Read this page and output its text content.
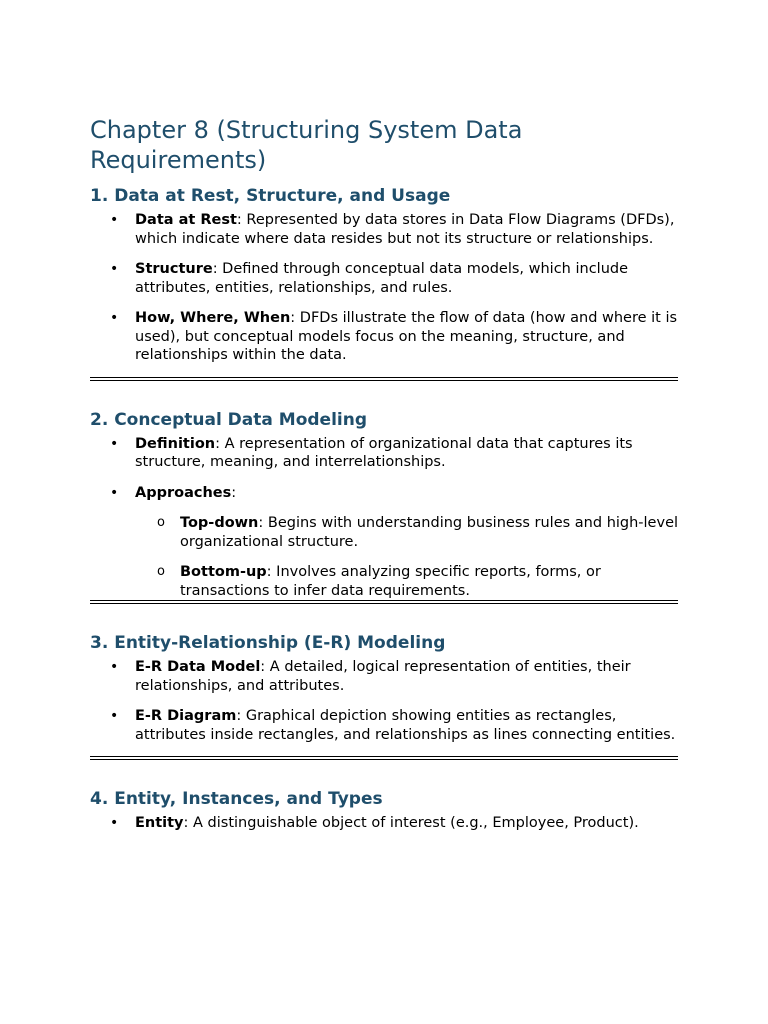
Chapter 8 (Structuring System Data Requirements)
1. Data at Rest, Structure, and Usage
• Data at Rest: Represented by data stores in Data Flow Diagrams (DFDs), which indicate where data resides but not its structure or relationships.
• Structure: Defined through conceptual data models, which include attributes, entities, relationships, and rules.
• How, Where, When: DFDs illustrate the flow of data (how and where it is used), but conceptual models focus on the meaning, structure, and relationships within the data.
2. Conceptual Data Modeling
• Definition: A representation of organizational data that captures its structure, meaning, and interrelationships.
• Approaches:
o Top-down: Begins with understanding business rules and high-level organizational structure.
o Bottom-up: Involves analyzing specific reports, forms, or transactions to infer data requirements.
3. Entity-Relationship (E-R) Modeling
• E-R Data Model: A detailed, logical representation of entities, their relationships, and attributes.
• E-R Diagram: Graphical depiction showing entities as rectangles, attributes inside rectangles, and relationships as lines connecting entities.
4. Entity, Instances, and Types
• Entity: A distinguishable object of interest (e.g., Employee, Product).
